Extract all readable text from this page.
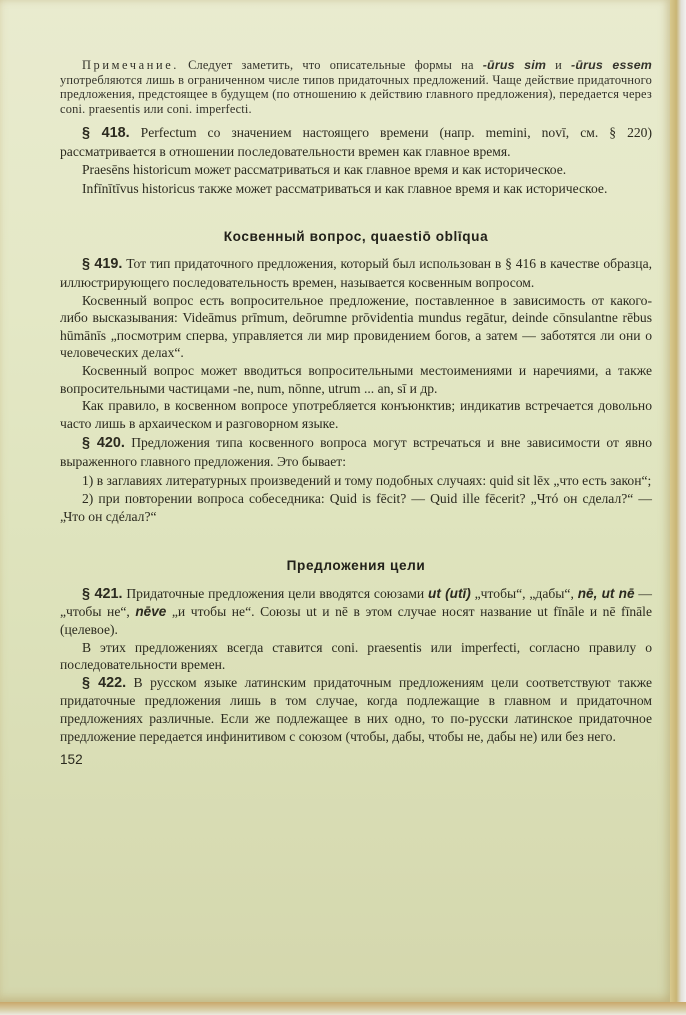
Примечание. Следует заметить, что описательные формы на -ūrus sim и -ūrus essem употребляются лишь в ограниченном числе типов придаточных предложений. Чаще действие придаточного предложения, предстоящее в будущем (по отношению к действию главного предложения), передается через coni. praesentis или coni. imperfecti.

§ 418. Perfectum со значением настоящего времени (напр. memini, novī, см. § 220) рассматривается в отношении последовательности времен как главное время.

Praesēns historicum может рассматриваться и как главное время и как историческое.

Infīnītīvus historicus также может рассматриваться и как главное время и как историческое.

Косвенный вопрос, quaestiō oblīqua

§ 419. Тот тип придаточного предложения, который был использован в § 416 в качестве образца, иллюстрирующего последовательность времен, называется косвенным вопросом.

Косвенный вопрос есть вопросительное предложение, поставленное в зависимость от какого-либо высказывания: Videāmus prīmum, deōrumne prōvidentia mundus regātur, deinde cōnsulantne rēbus hūmānīs „посмотрим сперва, управляется ли мир провидением богов, а затем — заботятся ли они о человеческих делах“.

Косвенный вопрос может вводиться вопросительными местоимениями и наречиями, а также вопросительными частицами -ne, num, nōnne, utrum ... an, sī и др.

Как правило, в косвенном вопросе употребляется конъюнктив; индикатив встречается довольно часто лишь в архаическом и разговорном языке.

§ 420. Предложения типа косвенного вопроса могут встречаться и вне зависимости от явно выраженного главного предложения. Это бывает:

1) в заглавиях литературных произведений и тому подобных случаях: quid sit lēx „что есть закон“;

2) при повторении вопроса собеседника: Quid is fēcit? — Quid ille fēcerit? „Чтó он сделал?“ — „Что он сдéлал?“

Предложения цели

§ 421. Придаточные предложения цели вводятся союзами ut (utī) „чтобы“, „дабы“, nē, ut nē — „чтобы не“, nēve „и чтобы не“. Союзы ut и nē в этом случае носят название ut fīnāle и nē fīnāle (целевое).

В этих предложениях всегда ставится coni. praesentis или imperfecti, согласно правилу о последовательности времен.

§ 422. В русском языке латинским придаточным предложениям цели соответствуют также придаточные предложения лишь в том случае, когда подлежащие в главном и придаточном предложениях различные. Если же подлежащее в них одно, то по-русски латинское придаточное предложение передается инфинитивом с союзом (чтобы, дабы, чтобы не, дабы не) или без него.

152
